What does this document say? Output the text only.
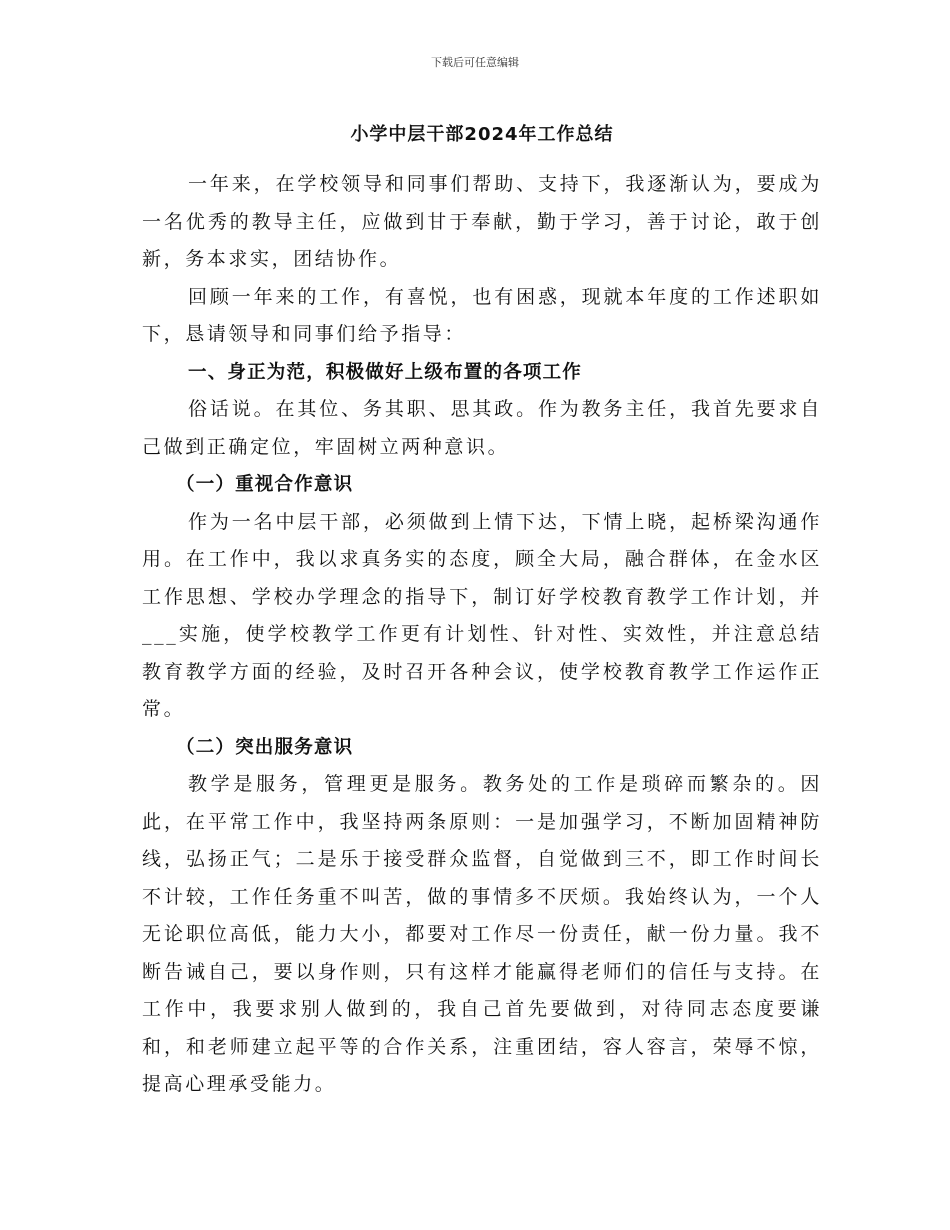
下载后可任意编辑
小学中层干部2024年工作总结

一年来，在学校领导和同事们帮助、支持下，我逐渐认为，要成为一名优秀的教导主任，应做到甘于奉献，勤于学习，善于讨论，敢于创新，务本求实，团结协作。

回顾一年来的工作，有喜悦，也有困惑，现就本年度的工作述职如下，恳请领导和同事们给予指导：

一、身正为范，积极做好上级布置的各项工作

俗话说。在其位、务其职、思其政。作为教务主任，我首先要求自己做到正确定位，牢固树立两种意识。

（一）重视合作意识

作为一名中层干部，必须做到上情下达，下情上晓，起桥梁沟通作用。在工作中，我以求真务实的态度，顾全大局，融合群体，在金水区工作思想、学校办学理念的指导下，制订好学校教育教学工作计划，并___实施，使学校教学工作更有计划性、针对性、实效性，并注意总结教育教学方面的经验，及时召开各种会议，使学校教育教学工作运作正常。

（二）突出服务意识

教学是服务，管理更是服务。教务处的工作是琐碎而繁杂的。因此，在平常工作中，我坚持两条原则：一是加强学习，不断加固精神防线，弘扬正气；二是乐于接受群众监督，自觉做到三不，即工作时间长不计较，工作任务重不叫苦，做的事情多不厌烦。我始终认为，一个人无论职位高低，能力大小，都要对工作尽一份责任，献一份力量。我不断告诫自己，要以身作则，只有这样才能赢得老师们的信任与支持。在工作中，我要求别人做到的，我自己首先要做到，对待同志态度要谦和，和老师建立起平等的合作关系，注重团结，容人容言，荣辱不惊，提高心理承受能力。
